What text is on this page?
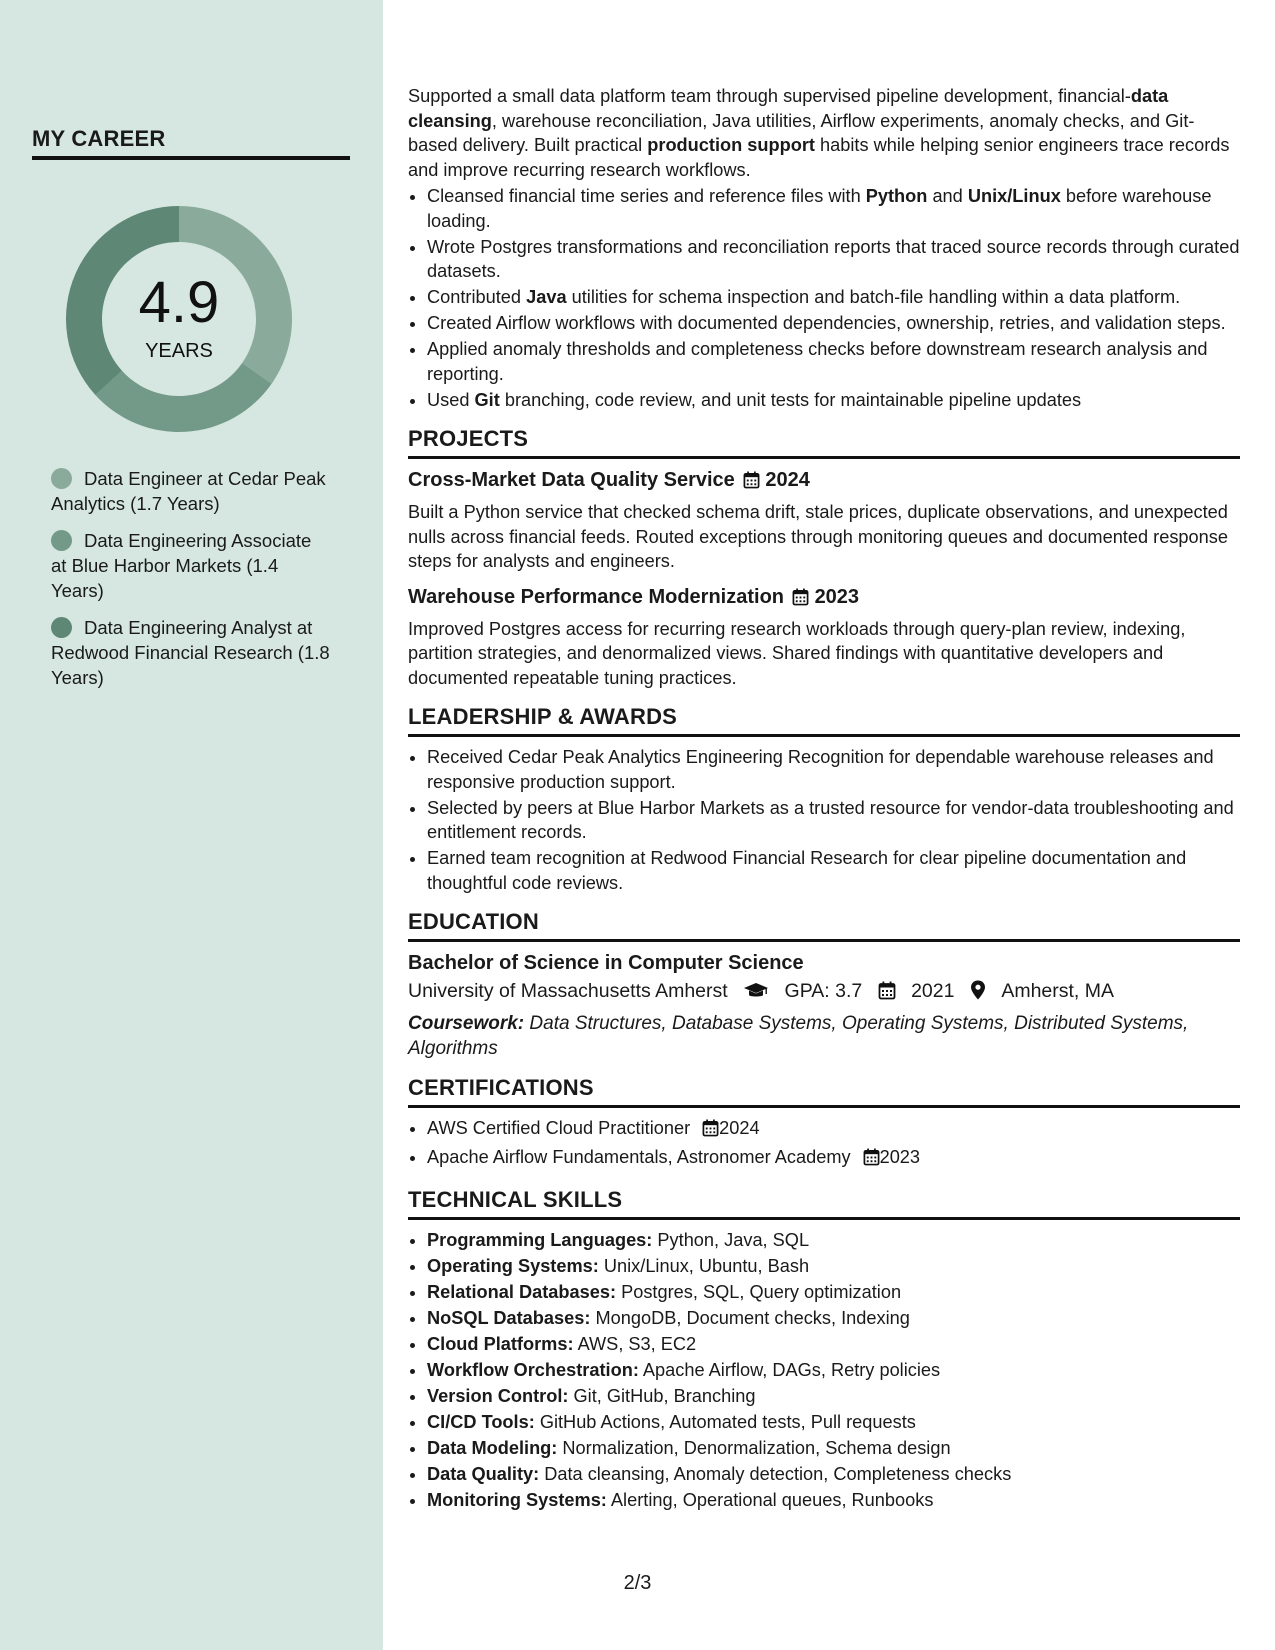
MY CAREER
4.9
YEARS
Data Engineer at Cedar Peak Analytics (1.7 Years)
Data Engineering Associate at Blue Harbor Markets (1.4 Years)
Data Engineering Analyst at Redwood Financial Research (1.8 Years)

Supported a small data platform team through supervised pipeline development, financial-data cleansing, warehouse reconciliation, Java utilities, Airflow experiments, anomaly checks, and Git-based delivery. Built practical production support habits while helping senior engineers trace records and improve recurring research workflows.

• Cleansed financial time series and reference files with Python and Unix/Linux before warehouse loading.
• Wrote Postgres transformations and reconciliation reports that traced source records through curated datasets.
• Contributed Java utilities for schema inspection and batch-file handling within a data platform.
• Created Airflow workflows with documented dependencies, ownership, retries, and validation steps.
• Applied anomaly thresholds and completeness checks before downstream research analysis and reporting.
• Used Git branching, code review, and unit tests for maintainable pipeline updates
PROJECTS
Cross-Market Data Quality Service 2024

Built a Python service that checked schema drift, stale prices, duplicate observations, and unexpected nulls across financial feeds. Routed exceptions through monitoring queues and documented response steps for analysts and engineers.

Warehouse Performance Modernization 2023

Improved Postgres access for recurring research workloads through query-plan review, indexing, partition strategies, and denormalized views. Shared findings with quantitative developers and documented repeatable tuning practices.

LEADERSHIP & AWARDS
• Received Cedar Peak Analytics Engineering Recognition for dependable warehouse releases and responsive production support.
• Selected by peers at Blue Harbor Markets as a trusted resource for vendor-data troubleshooting and entitlement records.
• Earned team recognition at Redwood Financial Research for clear pipeline documentation and thoughtful code reviews.
EDUCATION
Bachelor of Science in Computer Science
University of Massachusetts Amherst	GPA: 3.7	2021 Amherst, MA
Coursework: Data Structures, Database Systems, Operating Systems, Distributed Systems, Algorithms
CERTIFICATIONS
• AWS Certified Cloud Practitioner 2024
• Apache Airflow Fundamentals, Astronomer Academy 2023
TECHNICAL SKILLS
• Programming Languages: Python, Java, SQL
• Operating Systems: Unix/Linux, Ubuntu, Bash
• Relational Databases: Postgres, SQL, Query optimization
• NoSQL Databases: MongoDB, Document checks, Indexing
• Cloud Platforms: AWS, S3, EC2
• Workflow Orchestration: Apache Airflow, DAGs, Retry policies
• Version Control: Git, GitHub, Branching
• CI/CD Tools: GitHub Actions, Automated tests, Pull requests
• Data Modeling: Normalization, Denormalization, Schema design
• Data Quality: Data cleansing, Anomaly detection, Completeness checks
• Monitoring Systems: Alerting, Operational queues, Runbooks
2/3
